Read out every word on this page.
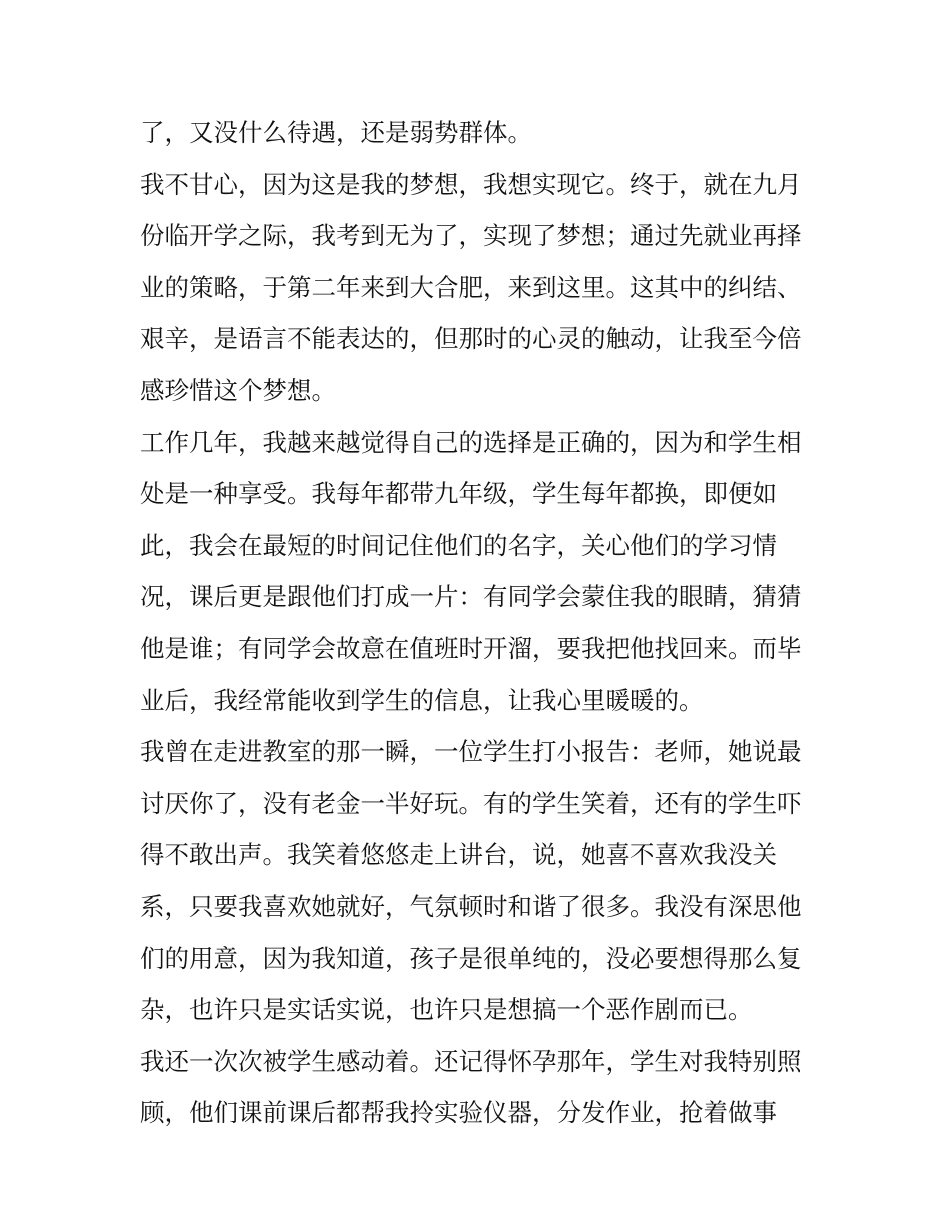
了，又没什么待遇，还是弱势群体。
我不甘心，因为这是我的梦想，我想实现它。终于，就在九月
份临开学之际，我考到无为了，实现了梦想；通过先就业再择
业的策略，于第二年来到大合肥，来到这里。这其中的纠结、
艰辛，是语言不能表达的，但那时的心灵的触动，让我至今倍
感珍惜这个梦想。
工作几年，我越来越觉得自己的选择是正确的，因为和学生相
处是一种享受。我每年都带九年级，学生每年都换，即便如
此，我会在最短的时间记住他们的名字，关心他们的学习情
况，课后更是跟他们打成一片：有同学会蒙住我的眼睛，猜猜
他是谁；有同学会故意在值班时开溜，要我把他找回来。而毕
业后，我经常能收到学生的信息，让我心里暖暖的。
我曾在走进教室的那一瞬，一位学生打小报告：老师，她说最
讨厌你了，没有老金一半好玩。有的学生笑着，还有的学生吓
得不敢出声。我笑着悠悠走上讲台，说，她喜不喜欢我没关
系，只要我喜欢她就好，气氛顿时和谐了很多。我没有深思他
们的用意，因为我知道，孩子是很单纯的，没必要想得那么复
杂，也许只是实话实说，也许只是想搞一个恶作剧而已。
我还一次次被学生感动着。还记得怀孕那年，学生对我特别照
顾，他们课前课后都帮我拎实验仪器，分发作业，抢着做事
